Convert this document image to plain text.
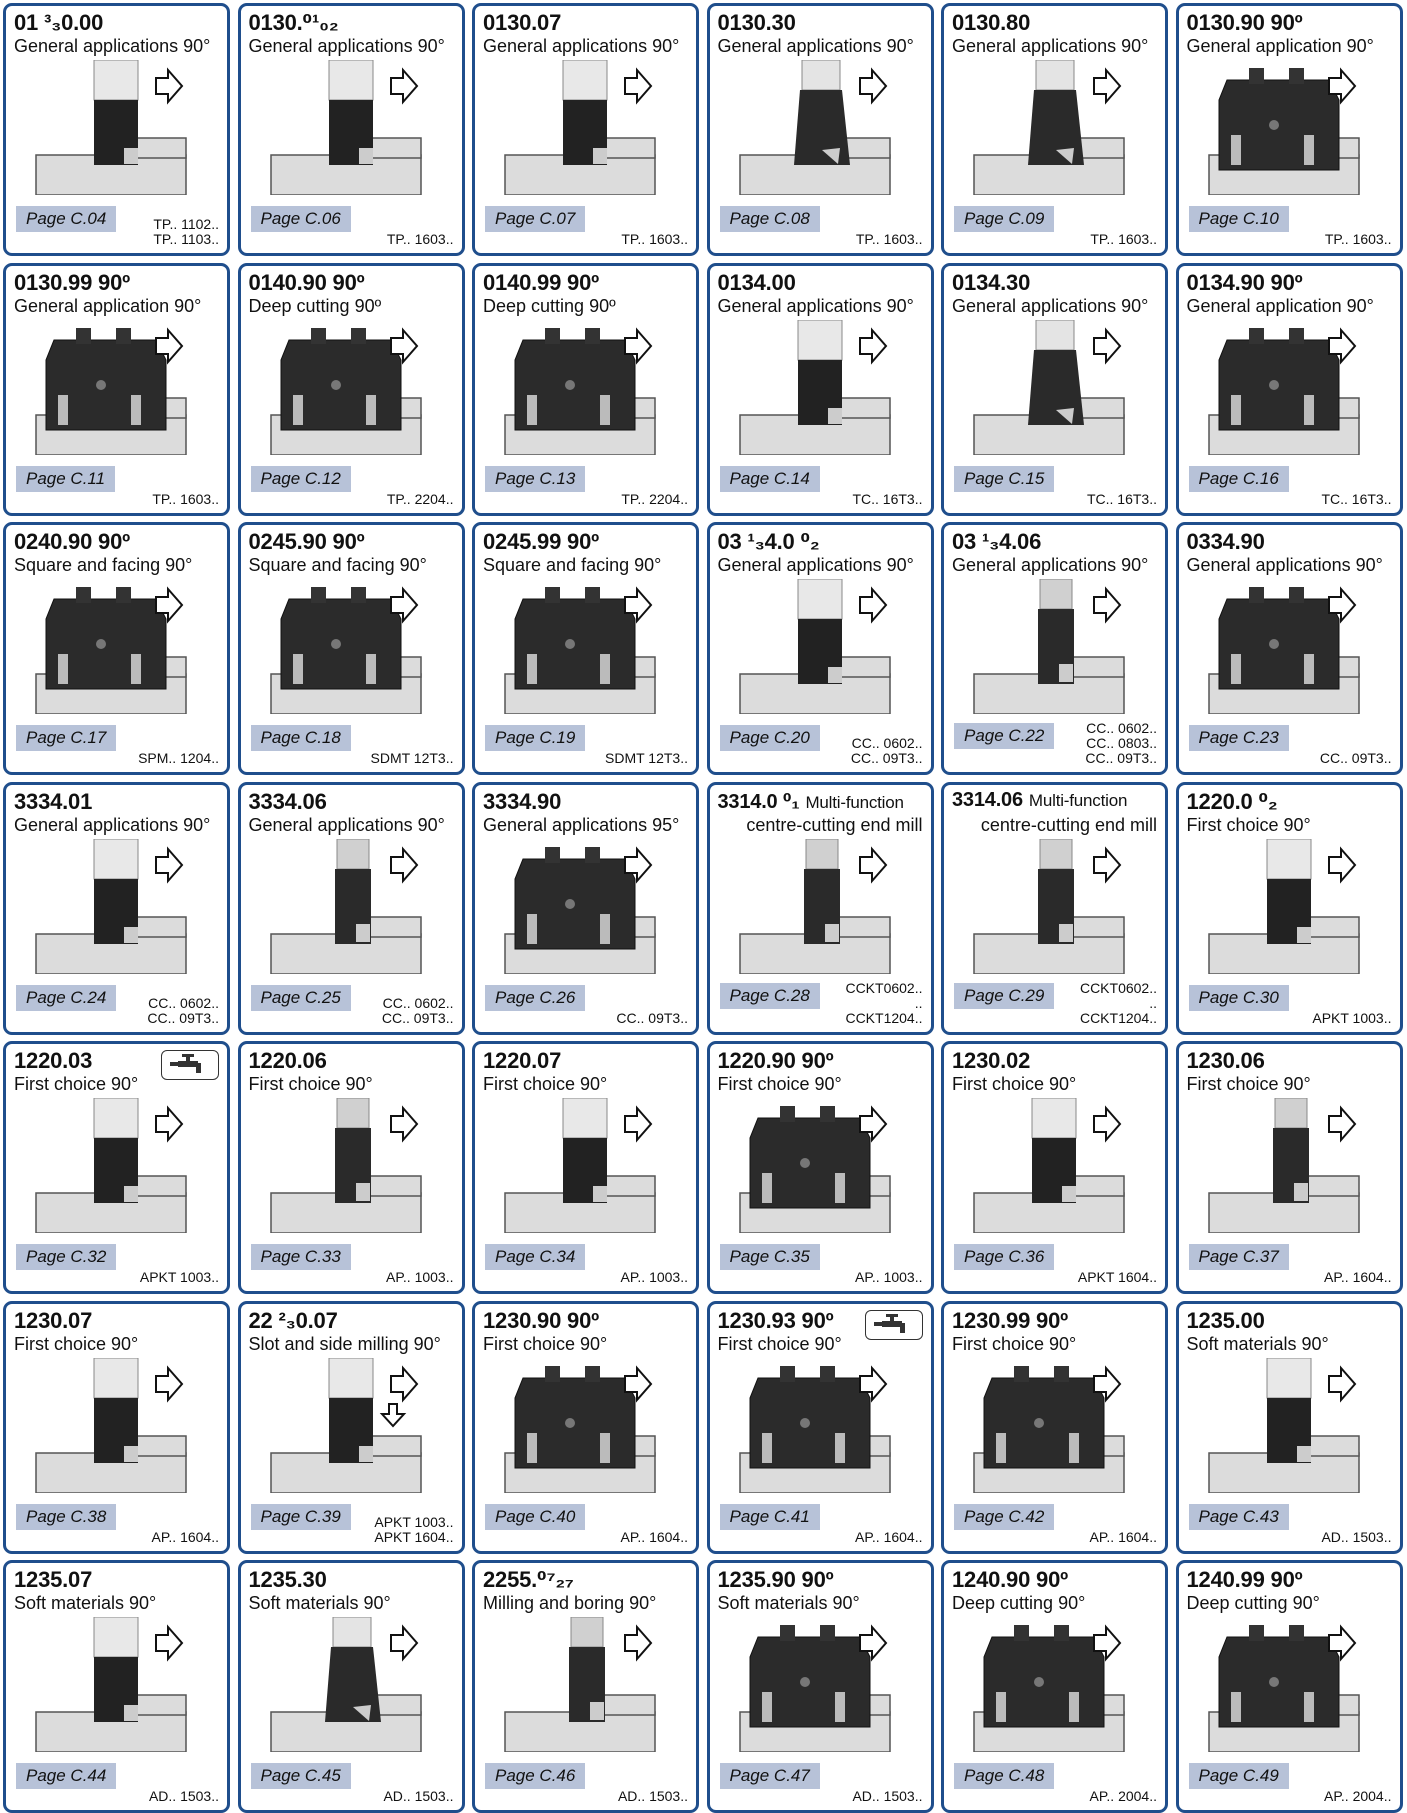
01 ³₃0.00
General applications 90°
Page C.04	TP.. 1102..
TP.. 1103..
0130.⁰¹₀₂
General applications 90°
Page C.06
TP.. 1603..
0130.07
General applications 90°
Page C.07
TP.. 1603..
0130.30
General applications 90°
Page C.08
TP.. 1603..
0130.80
General applications 90°
Page C.09
TP.. 1603..
0130.90 90º
General application 90°
Page C.10
TP.. 1603..
0130.99 90º
General application 90°
Page C.11
TP.. 1603..
0140.90 90º
Deep cutting 90º
Page C.12
TP.. 2204..
0140.99 90º
Deep cutting 90º
Page C.13
TP.. 2204..
0134.00
General applications 90°
Page C.14
TC.. 16T3..
0134.30
General applications 90°
Page C.15
TC.. 16T3..
0134.90 90º
General application 90°
Page C.16
TC.. 16T3..
0240.90 90º
Square and facing 90°
Page C.17
SPM.. 1204..
0245.90 90º
Square and facing 90°
Page C.18
SDMT 12T3..
0245.99 90º
Square and facing 90°
Page C.19
SDMT 12T3..
03 ¹₃4.0 ⁰₂
General applications 90°
Page C.20	CC.. 0602..
CC.. 09T3..
03 ¹₃4.06
General applications 90°
Page C.22	CC.. 0602..
CC.. 0803..
CC.. 09T3..
0334.90
General applications 90°
Page C.23
CC.. 09T3..
3334.01
General applications 90°
Page C.24	CC.. 0602..
CC.. 09T3..
3334.06
General applications 90°
Page C.25	CC.. 0602..
CC.. 09T3..
3334.90
General applications 95°
Page C.26
CC.. 09T3..
3314.0 ⁰₁ Multi-function
centre-cutting end mill
Page C.28	CCKT0602..
..
CCKT1204..
3314.06 Multi-function
centre-cutting end mill
Page C.29	CCKT0602..
..
CCKT1204..
1220.0 ⁰₂
First choice 90°
Page C.30
APKT 1003..
1220.03
First choice 90°
Page C.32
APKT 1003..
1220.06
First choice 90°
Page C.33
AP.. 1003..
1220.07
First choice 90°
Page C.34
AP.. 1003..
1220.90 90º
First choice 90°
Page C.35
AP.. 1003..
1230.02
First choice 90°
Page C.36
APKT 1604..
1230.06
First choice 90°
Page C.37
AP.. 1604..
1230.07
First choice 90°
Page C.38
AP.. 1604..
22 ²₃0.07
Slot and side milling 90°
Page C.39	APKT 1003..
APKT 1604..
1230.90 90º
First choice 90°
Page C.40
AP.. 1604..
1230.93 90º
First choice 90°
Page C.41
AP.. 1604..
1230.99 90º
First choice 90°
Page C.42
AP.. 1604..
1235.00
Soft materials 90°
Page C.43
AD.. 1503..
1235.07
Soft materials 90°
Page C.44
AD.. 1503..
1235.30
Soft materials 90°
Page C.45
AD.. 1503..
2255.⁰⁷₂₇
Milling and boring 90°
Page C.46
AD.. 1503..
1235.90 90º
Soft materials 90°
Page C.47
AD.. 1503..
1240.90 90º
Deep cutting 90°
Page C.48
AP.. 2004..
1240.99 90º
Deep cutting 90°
Page C.49
AP.. 2004..
